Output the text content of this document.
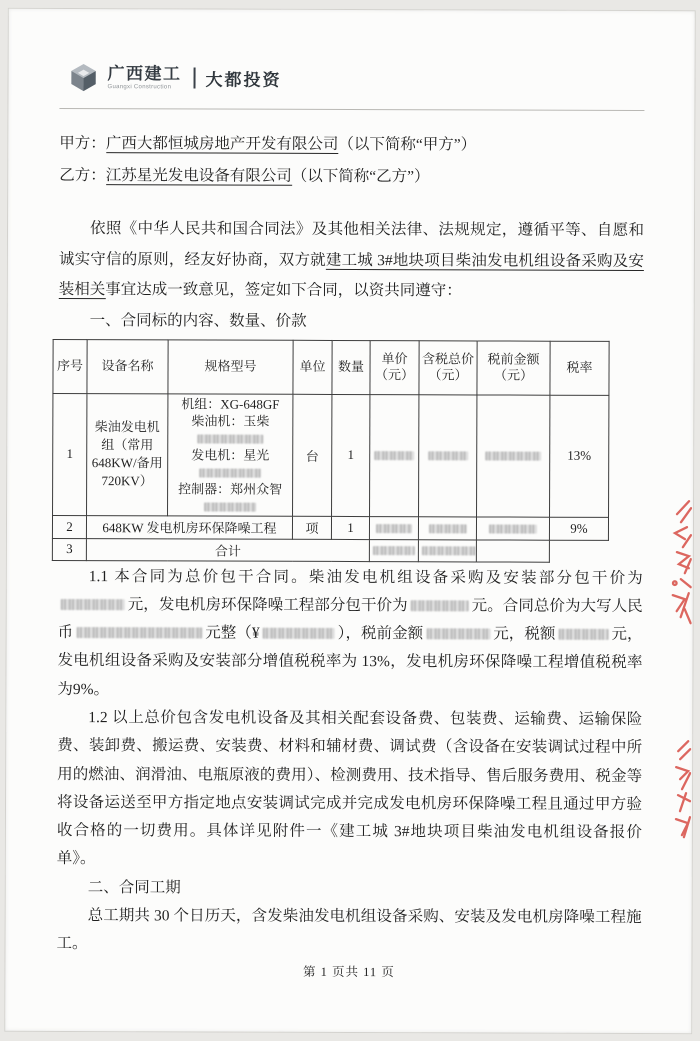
广西建工
Guangxi Construction	大都投资

甲方：广西大都恒城房地产开发有限公司（以下简称“甲方”）

乙方：江苏星光发电设备有限公司（以下简称“乙方”）

依照《中华人民共和国合同法》及其他相关法律、法规规定，遵循平等、自愿和诚实守信的原则，经友好协商，双方就建工城 3#地块项目柴油发电机组设备采购及安装相关事宜达成一致意见，签定如下合同，以资共同遵守：

一、合同标的内容、数量、价款

序号	设备名称	规格型号	单位	数量	单价（元）	含税总价（元）	税前金额（元）	税率
1	柴油发电机组（常用 648KW/备用 720KV）	机组：XG-648GF
柴油机：玉柴

发电机：星光

控制器：郑州众智	台	1				13%
2	648KW 发电机房环保降噪工程		项	1				9%
3	合计							

1.1 本合同为总价包干合同。柴油发电机组设备采购及安装部分包干价为元，发电机房环保降噪工程部分包干价为	元。合同总价为大写人民币	元整（¥	），税前金额	元，税额	元，发电机组设备采购及安装部分增值税税率为 13%，发电机房环保降噪工程增值税税率为9%。

1.2 以上总价包含发电机设备及其相关配套设备费、包装费、运输费、运输保险费、装卸费、搬运费、安装费、材料和辅材费、调试费（含设备在安装调试过程中所用的燃油、润滑油、电瓶原液的费用）、检测费用、技术指导、售后服务费用、税金等将设备运送至甲方指定地点安装调试完成并完成发电机房环保降噪工程且通过甲方验收合格的一切费用。具体详见附件一《建工城 3#地块项目柴油发电机组设备报价单》。

二、合同工期

总工期共 30 个日历天，含发柴油发电机组设备采购、安装及发电机房降噪工程施工。

第 1 页共 11 页
